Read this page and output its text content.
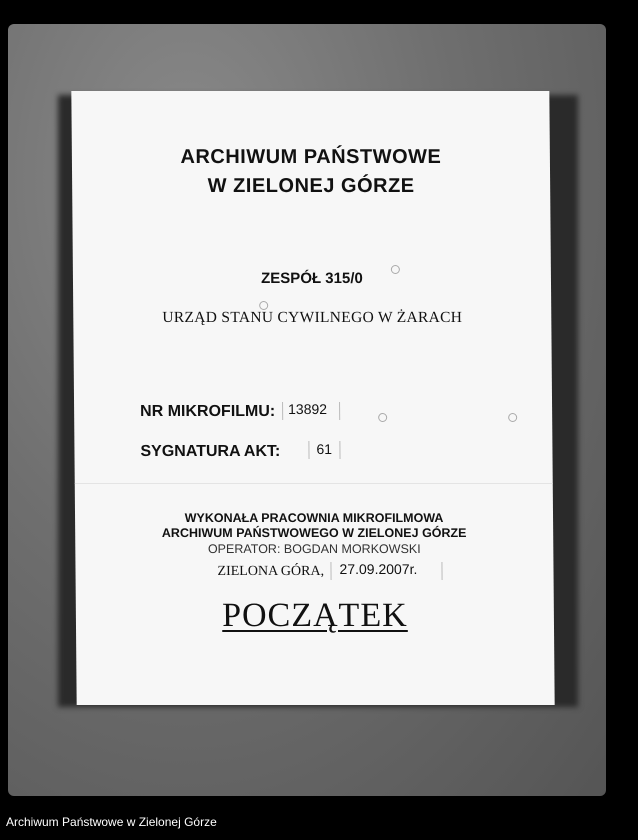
ARCHIWUM PAŃSTWOWE
W ZIELONEJ GÓRZE
ZESPÓŁ 315/0
URZĄD STANU CYWILNEGO W ŻARACH
NR MIKROFILMU: 13892
SYGNATURA AKT:	61
WYKONAŁA PRACOWNIA MIKROFILMOWA
ARCHIWUM PAŃSTWOWEGO W ZIELONEJ GÓRZE
OPERATOR: BOGDAN MORKOWSKI
ZIELONA GÓRA, 27.09.2007r.
POCZĄTEK
Archiwum Państwowe w Zielonej Górze
